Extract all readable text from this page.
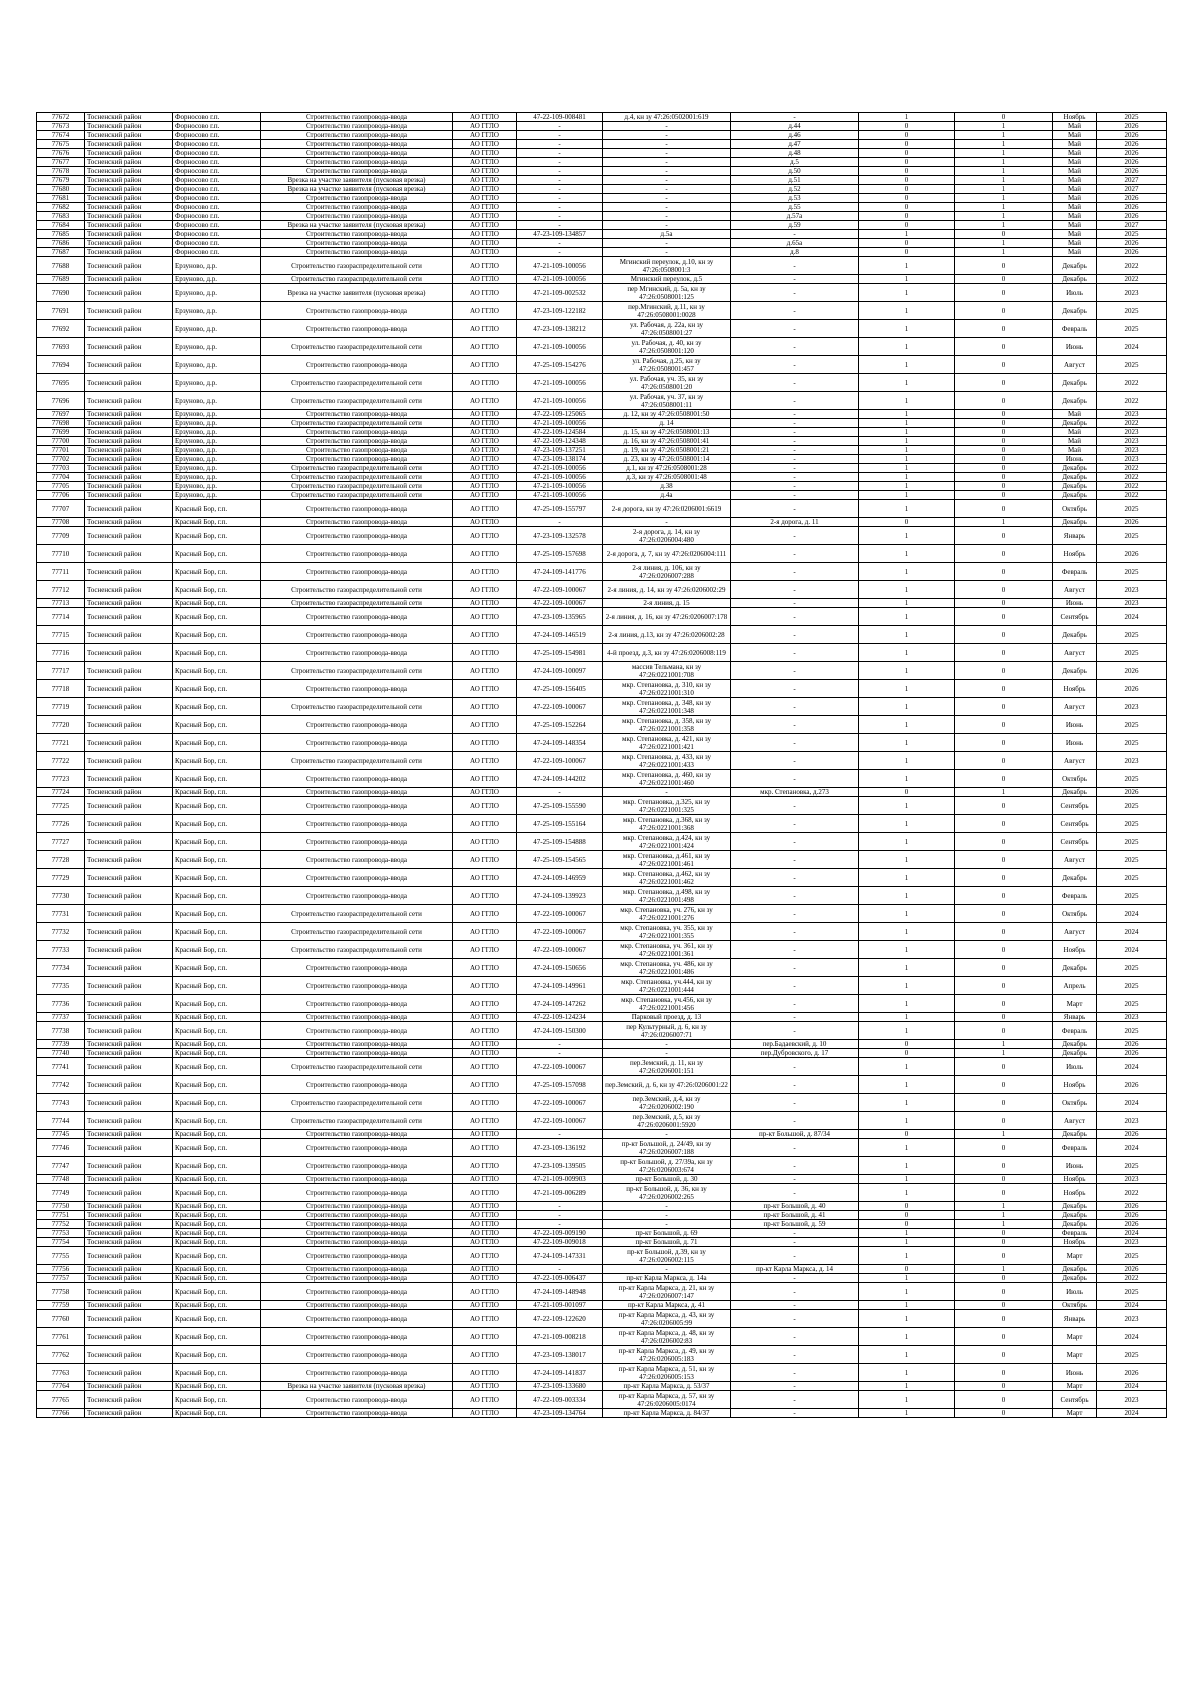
77672	Тосненский район	Форносово г.п.	Строительство газопровода-ввода	АО ГГЛО	47-22-109-008481	д.4, кн зу 47:26:0502001:619	-	1	0	Ноябрь	2025
77673	Тосненский район	Форносово г.п.	Строительство газопровода-ввода	АО ГГЛО	-	-	д.44	0	1	Май	2026
77674	Тосненский район	Форносово г.п.	Строительство газопровода-ввода	АО ГГЛО	-	-	д.46	0	1	Май	2026
77675	Тосненский район	Форносово г.п.	Строительство газопровода-ввода	АО ГГЛО	-	-	д.47	0	1	Май	2026
77676	Тосненский район	Форносово г.п.	Строительство газопровода-ввода	АО ГГЛО	-	-	д.48	0	1	Май	2026
77677	Тосненский район	Форносово г.п.	Строительство газопровода-ввода	АО ГГЛО	-	-	д.5	0	1	Май	2026
77678	Тосненский район	Форносово г.п.	Строительство газопровода-ввода	АО ГГЛО	-	-	д.50	0	1	Май	2026
77679	Тосненский район	Форносово г.п.	Врезка на участке заявителя (пусковая врезка)	АО ГГЛО	-	-	д.51	0	1	Май	2027
77680	Тосненский район	Форносово г.п.	Врезка на участке заявителя (пусковая врезка)	АО ГГЛО	-	-	д.52	0	1	Май	2027
77681	Тосненский район	Форносово г.п.	Строительство газопровода-ввода	АО ГГЛО	-	-	д.53	0	1	Май	2026
77682	Тосненский район	Форносово г.п.	Строительство газопровода-ввода	АО ГГЛО	-	-	д.55	0	1	Май	2026
77683	Тосненский район	Форносово г.п.	Строительство газопровода-ввода	АО ГГЛО	-	-	д.57а	0	1	Май	2026
77684	Тосненский район	Форносово г.п.	Врезка на участке заявителя (пусковая врезка)	АО ГГЛО	-	-	д.59	0	1	Май	2027
77685	Тосненский район	Форносово г.п.	Строительство газопровода-ввода	АО ГГЛО	47-23-109-134857	д.5а	-	1	0	Май	2025
77686	Тосненский район	Форносово г.п.	Строительство газопровода-ввода	АО ГГЛО	-	-	д.65а	0	1	Май	2026
77687	Тосненский район	Форносово г.п.	Строительство газопровода-ввода	АО ГГЛО	-	-	д.8	0	1	Май	2026
77688	Тосненский район	Ерзуново, д.р.	Строительство газораспределительной сети	АО ГГЛО	47-21-109-100056	Мгинский переулок, д.10, кн зу 47:26:0508001:3	-	1	0	Декабрь	2022
77689	Тосненский район	Ерзуново, д.р.	Строительство газораспределительной сети	АО ГГЛО	47-21-109-100056	Мгинский переулок, д.5	-	1	0	Декабрь	2022
77690	Тосненский район	Ерзуново, д.р.	Врезка на участке заявителя (пусковая врезка)	АО ГГЛО	47-21-109-002532	пер Мгинский, д. 5а, кн зу 47:26:0508001:125	-	1	0	Июль	2023
77691	Тосненский район	Ерзуново, д.р.	Строительство газопровода-ввода	АО ГГЛО	47-23-109-122182	пер.Мгинский, д.11, кн зу 47:26:0508001:0028	-	1	0	Декабрь	2025
77692	Тосненский район	Ерзуново, д.р.	Строительство газопровода-ввода	АО ГГЛО	47-23-109-138212	ул. Рабочая, д. 22а, кн зу 47:26:0508001:27	-	1	0	Февраль	2025
77693	Тосненский район	Ерзуново, д.р.	Строительство газораспределительной сети	АО ГГЛО	47-21-109-100056	ул. Рабочая, д. 40, кн зу 47:26:0508001:120	-	1	0	Июнь	2024
77694	Тосненский район	Ерзуново, д.р.	Строительство газопровода-ввода	АО ГГЛО	47-25-109-154276	ул. Рабочая, д.25, кн зу 47:26:0508001:457	-	1	0	Август	2025
77695	Тосненский район	Ерзуново, д.р.	Строительство газораспределительной сети	АО ГГЛО	47-21-109-100056	ул. Рабочая, уч. 35, кн зу 47:26:0508001:20	-	1	0	Декабрь	2022
77696	Тосненский район	Ерзуново, д.р.	Строительство газораспределительной сети	АО ГГЛО	47-21-109-100056	ул. Рабочая, уч. 37, кн зу 47:26:0508001:11	-	1	0	Декабрь	2022
77697	Тосненский район	Ерзуново, д.р.	Строительство газопровода-ввода	АО ГГЛО	47-22-109-125065	д. 12, кн зу 47:26:0508001:50	-	1	0	Май	2023
77698	Тосненский район	Ерзуново, д.р.	Строительство газораспределительной сети	АО ГГЛО	47-21-109-100056	д. 14	-	1	0	Декабрь	2022
77699	Тосненский район	Ерзуново, д.р.	Строительство газопровода-ввода	АО ГГЛО	47-22-109-124584	д. 15, кн зу 47:26:0508001:13	-	1	0	Май	2023
77700	Тосненский район	Ерзуново, д.р.	Строительство газопровода-ввода	АО ГГЛО	47-22-109-124348	д. 16, кн зу 47:26:0508001:41	-	1	0	Май	2023
77701	Тосненский район	Ерзуново, д.р.	Строительство газопровода-ввода	АО ГГЛО	47-23-109-137251	д. 19, кн зу 47:26:0508001:21	-	1	0	Май	2023
77702	Тосненский район	Ерзуново, д.р.	Строительство газопровода-ввода	АО ГГЛО	47-23-109-138174	д. 23, кн зу 47:26:0508001:14	-	1	0	Июнь	2023
77703	Тосненский район	Ерзуново, д.р.	Строительство газораспределительной сети	АО ГГЛО	47-21-109-100056	д.1, кн зу 47:26:0508001:28	-	1	0	Декабрь	2022
77704	Тосненский район	Ерзуново, д.р.	Строительство газораспределительной сети	АО ГГЛО	47-21-109-100056	д.3, кн зу 47:26:0508001:48	-	1	0	Декабрь	2022
77705	Тосненский район	Ерзуново, д.р.	Строительство газораспределительной сети	АО ГГЛО	47-21-109-100056	д.38	-	1	0	Декабрь	2022
77706	Тосненский район	Ерзуново, д.р.	Строительство газораспределительной сети	АО ГГЛО	47-21-109-100056	д.4а	-	1	0	Декабрь	2022
77707	Тосненский район	Красный Бор, г.п.	Строительство газопровода-ввода	АО ГГЛО	47-25-109-155797	2-я дорога, кн зу 47:26:0206001:6619	-	1	0	Октябрь	2025
77708	Тосненский район	Красный Бор, г.п.	Строительство газопровода-ввода	АО ГГЛО	-	-	2-я дорога, д. 11	0	1	Декабрь	2026
77709	Тосненский район	Красный Бор, г.п.	Строительство газопровода-ввода	АО ГГЛО	47-23-109-132578	2-я дорога, д. 14, кн зу 47:26:0206004:480	-	1	0	Январь	2025
77710	Тосненский район	Красный Бор, г.п.	Строительство газопровода-ввода	АО ГГЛО	47-25-109-157698	2-я дорога, д. 7, кн зу 47:26:0206004:111	-	1	0	Ноябрь	2026
77711	Тосненский район	Красный Бор, г.п.	Строительство газопровода-ввода	АО ГГЛО	47-24-109-141776	2-я линия, д. 106, кн зу 47:26:0206007:288	-	1	0	Февраль	2025
77712	Тосненский район	Красный Бор, г.п.	Строительство газораспределительной сети	АО ГГЛО	47-22-109-100067	2-я линия, д. 14, кн зу 47:26:0206002:29	-	1	0	Август	2023
77713	Тосненский район	Красный Бор, г.п.	Строительство газораспределительной сети	АО ГГЛО	47-22-109-100067	2-я линия, д. 15	-	1	0	Июнь	2023
77714	Тосненский район	Красный Бор, г.п.	Строительство газопровода-ввода	АО ГГЛО	47-23-109-135965	2-я линия, д. 16, кн зу 47:26:0206007:178	-	1	0	Сентябрь	2024
77715	Тосненский район	Красный Бор, г.п.	Строительство газопровода-ввода	АО ГГЛО	47-24-109-146519	2-я линия, д.13, кн зу 47:26:0206002:28	-	1	0	Декабрь	2025
77716	Тосненский район	Красный Бор, г.п.	Строительство газопровода-ввода	АО ГГЛО	47-25-109-154981	4-й проезд, д.3, кн зу 47:26:0206008:119	-	1	0	Август	2025
77717	Тосненский район	Красный Бор, г.п.	Строительство газораспределительной сети	АО ГГЛО	47-24-109-100097	массив Тельмана, кн зу 47:26:0221001:708	-	1	0	Декабрь	2026
77718	Тосненский район	Красный Бор, г.п.	Строительство газопровода-ввода	АО ГГЛО	47-25-109-156405	мкр. Степановка, д. 310, кн зу 47:26:0221001:310	-	1	0	Ноябрь	2026
77719	Тосненский район	Красный Бор, г.п.	Строительство газораспределительной сети	АО ГГЛО	47-22-109-100067	мкр. Степановка, д. 348, кн зу 47:26:0221001:348	-	1	0	Август	2023
77720	Тосненский район	Красный Бор, г.п.	Строительство газопровода-ввода	АО ГГЛО	47-25-109-152264	мкр. Степановка, д. 358, кн зу 47:26:0221001:358	-	1	0	Июнь	2025
77721	Тосненский район	Красный Бор, г.п.	Строительство газопровода-ввода	АО ГГЛО	47-24-109-148354	мкр. Степановка, д. 421, кн зу 47:26:0221001:421	-	1	0	Июнь	2025
77722	Тосненский район	Красный Бор, г.п.	Строительство газораспределительной сети	АО ГГЛО	47-22-109-100067	мкр. Степановка, д. 433, кн зу 47:26:0221001:433	-	1	0	Август	2023
77723	Тосненский район	Красный Бор, г.п.	Строительство газопровода-ввода	АО ГГЛО	47-24-109-144202	мкр. Степановка, д. 460, кн зу 47:26:0221001:460	-	1	0	Октябрь	2025
77724	Тосненский район	Красный Бор, г.п.	Строительство газопровода-ввода	АО ГГЛО	-	-	мкр. Степановка, д.273	0	1	Декабрь	2026
77725	Тосненский район	Красный Бор, г.п.	Строительство газопровода-ввода	АО ГГЛО	47-25-109-155590	мкр. Степановка, д.325, кн зу 47:26:0221001:325	-	1	0	Сентябрь	2025
77726	Тосненский район	Красный Бор, г.п.	Строительство газопровода-ввода	АО ГГЛО	47-25-109-155164	мкр. Степановка, д.368, кн зу 47:26:0221001:368	-	1	0	Сентябрь	2025
77727	Тосненский район	Красный Бор, г.п.	Строительство газопровода-ввода	АО ГГЛО	47-25-109-154888	мкр. Степановка, д.424, кн зу 47:26:0221001:424	-	1	0	Сентябрь	2025
77728	Тосненский район	Красный Бор, г.п.	Строительство газопровода-ввода	АО ГГЛО	47-25-109-154565	мкр. Степановка, д.461, кн зу 47:26:0221001:461	-	1	0	Август	2025
77729	Тосненский район	Красный Бор, г.п.	Строительство газопровода-ввода	АО ГГЛО	47-24-109-146959	мкр. Степановка, д.462, кн зу 47:26:0221001:462	-	1	0	Декабрь	2025
77730	Тосненский район	Красный Бор, г.п.	Строительство газопровода-ввода	АО ГГЛО	47-24-109-139923	мкр. Степановка, д.498, кн зу 47:26:0221001:498	-	1	0	Февраль	2025
77731	Тосненский район	Красный Бор, г.п.	Строительство газораспределительной сети	АО ГГЛО	47-22-109-100067	мкр. Степановка, уч. 276, кн зу 47:26:0221001:276	-	1	0	Октябрь	2024
77732	Тосненский район	Красный Бор, г.п.	Строительство газораспределительной сети	АО ГГЛО	47-22-109-100067	мкр. Степановка, уч. 355, кн зу 47:26:0221001:355	-	1	0	Август	2024
77733	Тосненский район	Красный Бор, г.п.	Строительство газораспределительной сети	АО ГГЛО	47-22-109-100067	мкр. Степановка, уч. 361, кн зу 47:26:0221001:361	-	1	0	Ноябрь	2024
77734	Тосненский район	Красный Бор, г.п.	Строительство газопровода-ввода	АО ГГЛО	47-24-109-150656	мкр. Степановка, уч. 486, кн зу 47:26:0221001:486	-	1	0	Декабрь	2025
77735	Тосненский район	Красный Бор, г.п.	Строительство газопровода-ввода	АО ГГЛО	47-24-109-149961	мкр. Степановка, уч.444, кн зу 47:26:0221001:444	-	1	0	Апрель	2025
77736	Тосненский район	Красный Бор, г.п.	Строительство газопровода-ввода	АО ГГЛО	47-24-109-147262	мкр. Степановка, уч.456, кн зу 47:26:0221001:456	-	1	0	Март	2025
77737	Тосненский район	Красный Бор, г.п.	Строительство газопровода-ввода	АО ГГЛО	47-22-109-124234	Парковый проезд, д. 13	-	1	0	Январь	2023
77738	Тосненский район	Красный Бор, г.п.	Строительство газопровода-ввода	АО ГГЛО	47-24-109-150300	пер Культурный, д. 6, кн зу 47:26:0206007:71	-	1	0	Февраль	2025
77739	Тосненский район	Красный Бор, г.п.	Строительство газопровода-ввода	АО ГГЛО	-	-	пер.Бадаевский, д. 10	0	1	Декабрь	2026
77740	Тосненский район	Красный Бор, г.п.	Строительство газопровода-ввода	АО ГГЛО	-	-	пер.Дубровского, д. 17	0	1	Декабрь	2026
77741	Тосненский район	Красный Бор, г.п.	Строительство газораспределительной сети	АО ГГЛО	47-22-109-100067	пер.Земский, д. 11, кн зу 47:26:0206001:151	-	1	0	Июль	2024
77742	Тосненский район	Красный Бор, г.п.	Строительство газопровода-ввода	АО ГГЛО	47-25-109-157098	пер.Земский, д. 6, кн зу 47:26:0206001:22	-	1	0	Ноябрь	2026
77743	Тосненский район	Красный Бор, г.п.	Строительство газораспределительной сети	АО ГГЛО	47-22-109-100067	пер.Земский, д.4, кн зу 47:26:0206002:190	-	1	0	Октябрь	2024
77744	Тосненский район	Красный Бор, г.п.	Строительство газораспределительной сети	АО ГГЛО	47-22-109-100067	пер.Земский, д.5, кн зу 47:26:0206001:5920	-	1	0	Август	2023
77745	Тосненский район	Красный Бор, г.п.	Строительство газопровода-ввода	АО ГГЛО	-	-	пр-кт Большой, д. 87/34	0	1	Декабрь	2026
77746	Тосненский район	Красный Бор, г.п.	Строительство газопровода-ввода	АО ГГЛО	47-23-109-136192	пр-кт Большой, д. 24/49, кн зу 47:26:0206007:188	-	1	0	Февраль	2024
77747	Тосненский район	Красный Бор, г.п.	Строительство газопровода-ввода	АО ГГЛО	47-23-109-139505	пр-кт Большой, д. 27/39а, кн зу 47:26:0206003:674	-	1	0	Июнь	2025
77748	Тосненский район	Красный Бор, г.п.	Строительство газопровода-ввода	АО ГГЛО	47-21-109-009903	пр-кт Большой, д. 30	-	1	0	Ноябрь	2023
77749	Тосненский район	Красный Бор, г.п.	Строительство газопровода-ввода	АО ГГЛО	47-21-109-006289	пр-кт Большой, д. 36, кн зу 47:26:0206002:265	-	1	0	Ноябрь	2022
77750	Тосненский район	Красный Бор, г.п.	Строительство газопровода-ввода	АО ГГЛО	-	-	пр-кт Большой, д. 40	0	1	Декабрь	2026
77751	Тосненский район	Красный Бор, г.п.	Строительство газопровода-ввода	АО ГГЛО	-	-	пр-кт Большой, д. 41	0	1	Декабрь	2026
77752	Тосненский район	Красный Бор, г.п.	Строительство газопровода-ввода	АО ГГЛО	-	-	пр-кт Большой, д. 59	0	1	Декабрь	2026
77753	Тосненский район	Красный Бор, г.п.	Строительство газопровода-ввода	АО ГГЛО	47-22-109-009190	пр-кт Большой, д. 69	-	1	0	Февраль	2024
77754	Тосненский район	Красный Бор, г.п.	Строительство газопровода-ввода	АО ГГЛО	47-22-109-009018	пр-кт Большой, д. 71	-	1	0	Ноябрь	2023
77755	Тосненский район	Красный Бор, г.п.	Строительство газопровода-ввода	АО ГГЛО	47-24-109-147331	пр-кт Большой, д.39, кн зу 47:26:0206002:115	-	1	0	Март	2025
77756	Тосненский район	Красный Бор, г.п.	Строительство газопровода-ввода	АО ГГЛО	-	-	пр-кт Карла Маркса, д. 14	0	1	Декабрь	2026
77757	Тосненский район	Красный Бор, г.п.	Строительство газопровода-ввода	АО ГГЛО	47-22-109-006437	пр-кт Карла Маркса, д. 14а	-	1	0	Декабрь	2022
77758	Тосненский район	Красный Бор, г.п.	Строительство газопровода-ввода	АО ГГЛО	47-24-109-148948	пр-кт Карла Маркса, д. 21, кн зу 47:26:0206007:147	-	1	0	Июль	2025
77759	Тосненский район	Красный Бор, г.п.	Строительство газопровода-ввода	АО ГГЛО	47-21-109-001097	пр-кт Карла Маркса, д. 41	-	1	0	Октябрь	2024
77760	Тосненский район	Красный Бор, г.п.	Строительство газопровода-ввода	АО ГГЛО	47-22-109-122620	пр-кт Карла Маркса, д. 43, кн зу 47:26:0206005:99	-	1	0	Январь	2023
77761	Тосненский район	Красный Бор, г.п.	Строительство газопровода-ввода	АО ГГЛО	47-21-109-008218	пр-кт Карла Маркса, д. 48, кн зу 47:26:0206002:83	-	1	0	Март	2024
77762	Тосненский район	Красный Бор, г.п.	Строительство газопровода-ввода	АО ГГЛО	47-23-109-138017	пр-кт Карла Маркса, д. 49, кн зу 47:26:0206005:183	-	1	0	Март	2025
77763	Тосненский район	Красный Бор, г.п.	Строительство газопровода-ввода	АО ГГЛО	47-24-109-141837	пр-кт Карла Маркса, д. 51, кн зу 47:26:0206005:153	-	1	0	Июнь	2026
77764	Тосненский район	Красный Бор, г.п.	Врезка на участке заявителя (пусковая врезка)	АО ГГЛО	47-23-109-133680	пр-кт Карла Маркса, д. 53/37	-	1	0	Март	2024
77765	Тосненский район	Красный Бор, г.п.	Строительство газопровода-ввода	АО ГГЛО	47-22-109-003334	пр-кт Карла Маркса, д. 57, кн зу 47:26:0206005:0174	-	1	0	Сентябрь	2023
77766	Тосненский район	Красный Бор, г.п.	Строительство газопровода-ввода	АО ГГЛО	47-23-109-134764	пр-кт Карла Маркса, д. 84/37	-	1	0	Март	2024
